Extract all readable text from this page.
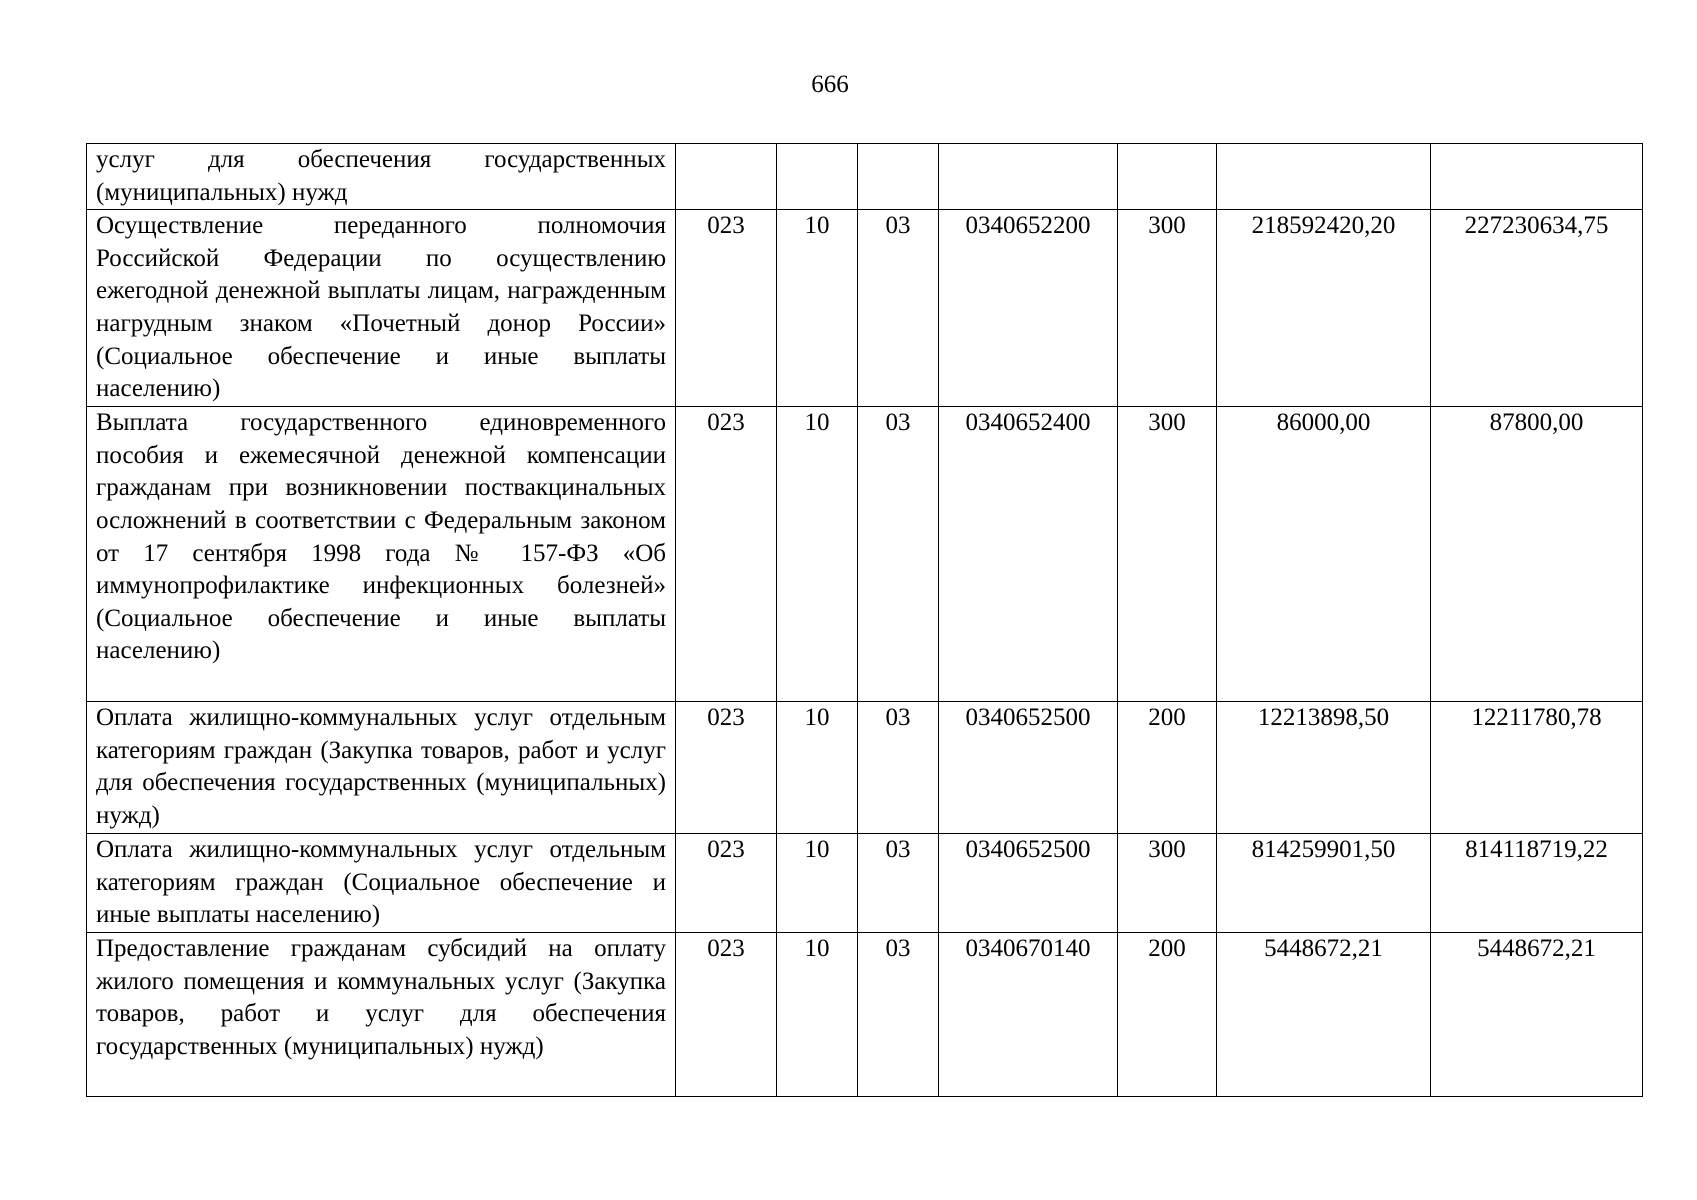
666
услуг для обеспечения государственных (муниципальных) нужд							
Осуществление переданного полномочия Российской Федерации по осуществлению ежегодной денежной выплаты лицам, награжденным нагрудным знаком «Почетный донор России» (Социальное обеспечение и иные выплаты населению)	023	10	03	0340652200	300	218592420,20	227230634,75
Выплата государственного единовременного пособия и ежемесячной денежной компенсации гражданам при возникновении поствакцинальных осложнений в соответствии с Федеральным законом от 17 сентября 1998 года № 157-ФЗ «Об иммунопрофилактике инфекционных болезней» (Социальное обеспечение и иные выплаты населению)	023	10	03	0340652400	300	86000,00	87800,00
Оплата жилищно-коммунальных услуг отдельным категориям граждан (Закупка товаров, работ и услуг для обеспечения государственных (муниципальных) нужд)	023	10	03	0340652500	200	12213898,50	12211780,78
Оплата жилищно-коммунальных услуг отдельным категориям граждан (Социальное обеспечение и иные выплаты населению)	023	10	03	0340652500	300	814259901,50	814118719,22
Предоставление гражданам субсидий на оплату жилого помещения и коммунальных услуг (Закупка товаров, работ и услуг для обеспечения государственных (муниципальных) нужд)	023	10	03	0340670140	200	5448672,21	5448672,21
